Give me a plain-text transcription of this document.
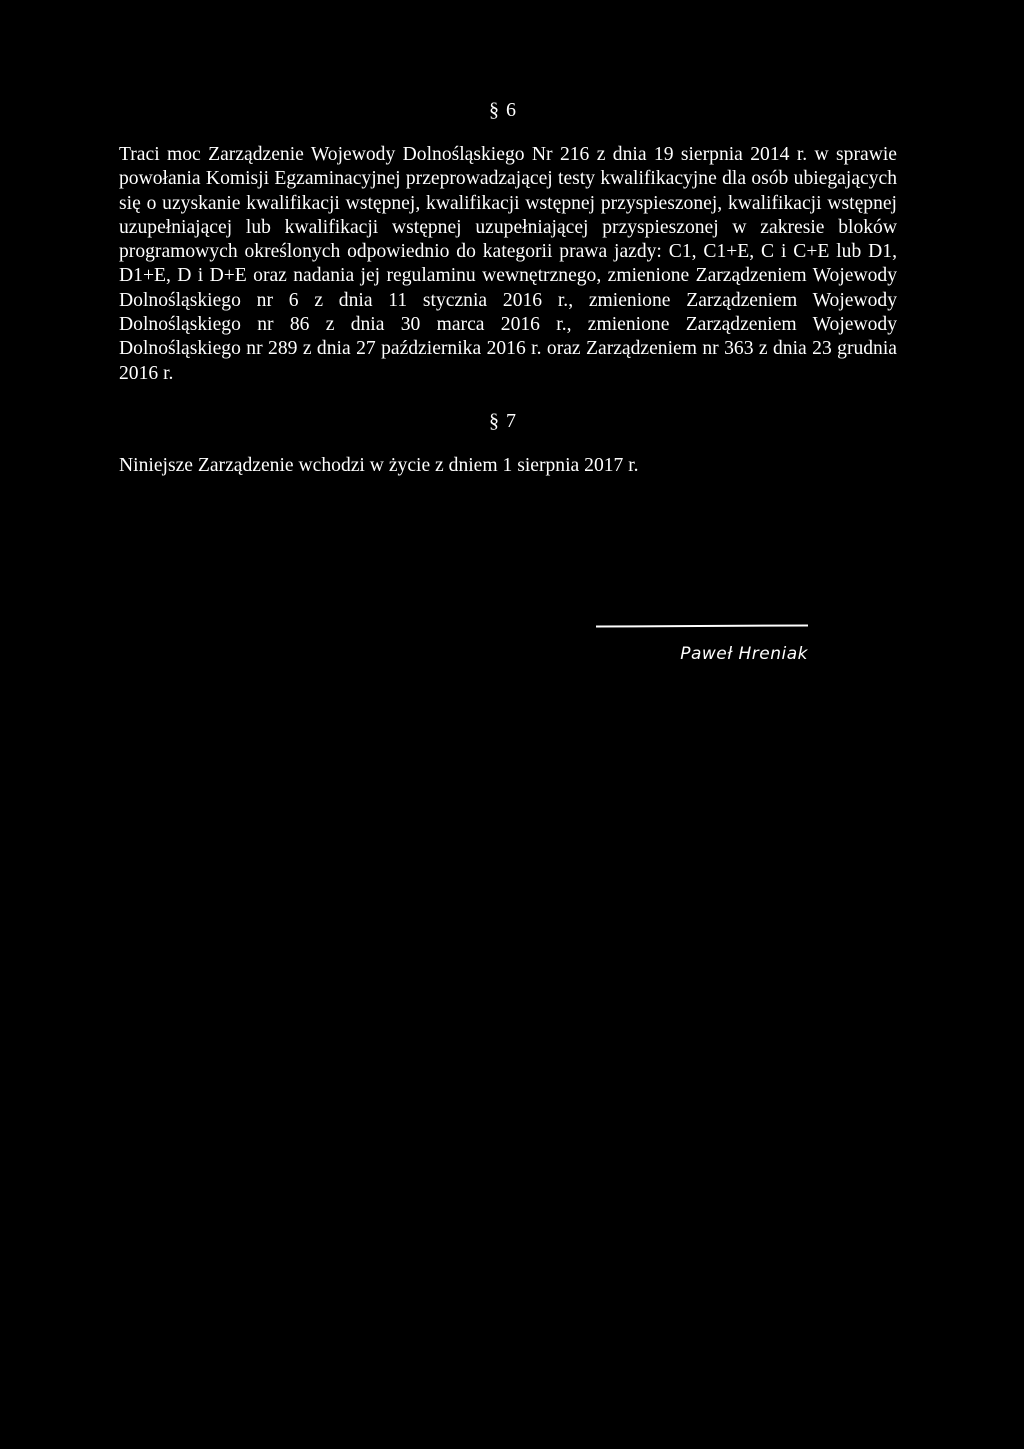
§ 6

Traci moc Zarządzenie Wojewody Dolnośląskiego Nr 216 z dnia 19 sierpnia 2014 r. w sprawie powołania Komisji Egzaminacyjnej przeprowadzającej testy kwalifikacyjne dla osób ubiegających się o uzyskanie kwalifikacji wstępnej, kwalifikacji wstępnej przyspieszonej, kwalifikacji wstępnej uzupełniającej lub kwalifikacji wstępnej uzupełniającej przyspieszonej w zakresie bloków programowych określonych odpowiednio do kategorii prawa jazdy: C1, C1+E, C i C+E lub D1, D1+E, D i D+E oraz nadania jej regulaminu wewnętrznego, zmienione Zarządzeniem Wojewody Dolnośląskiego nr 6 z dnia 11 stycznia 2016 r., zmienione Zarządzeniem Wojewody Dolnośląskiego nr 86 z dnia 30 marca 2016 r., zmienione Zarządzeniem Wojewody Dolnośląskiego nr 289 z dnia 27 października 2016 r. oraz Zarządzeniem nr 363 z dnia 23 grudnia 2016 r.

§ 7

Niniejsze Zarządzenie wchodzi w życie z dniem 1 sierpnia 2017 r.

Paweł Hreniak
